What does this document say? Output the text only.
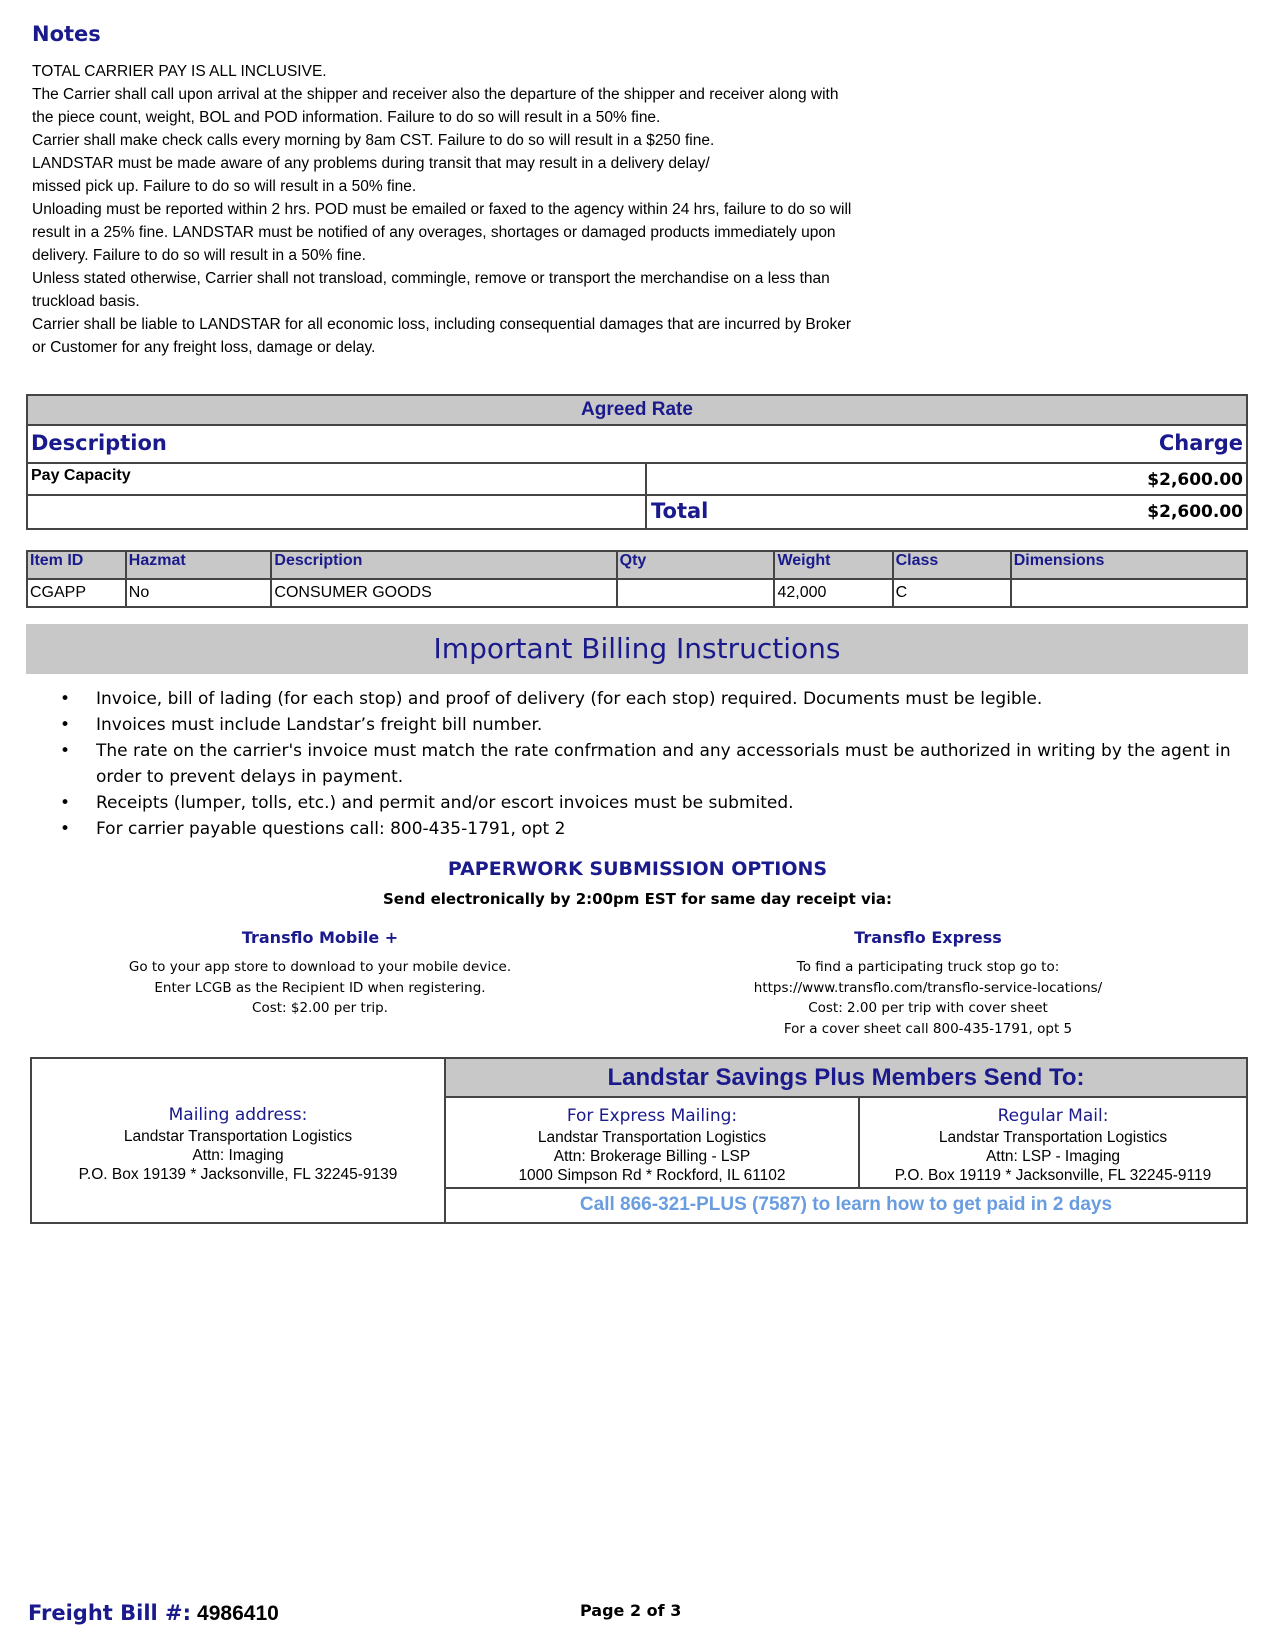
Notes
TOTAL CARRIER PAY IS ALL INCLUSIVE.
The Carrier shall call upon arrival at the shipper and receiver also the departure of the shipper and receiver along with
the piece count, weight, BOL and POD information. Failure to do so will result in a 50% fine.
Carrier shall make check calls every morning by 8am CST. Failure to do so will result in a $250 fine.
LANDSTAR must be made aware of any problems during transit that may result in a delivery delay/
missed pick up. Failure to do so will result in a 50% fine.
Unloading must be reported within 2 hrs. POD must be emailed or faxed to the agency within 24 hrs, failure to do so will
result in a 25% fine. LANDSTAR must be notified of any overages, shortages or damaged products immediately upon
delivery. Failure to do so will result in a 50% fine.
Unless stated otherwise, Carrier shall not transload, commingle, remove or transport the merchandise on a less than
truckload basis.
Carrier shall be liable to LANDSTAR for all economic loss, including consequential damages that are incurred by Broker
or Customer for any freight loss, damage or delay.
Agreed Rate
Description	Charge
Pay Capacity	$2,600.00
Total	$2,600.00
Item ID	Hazmat	Description	Qty	Weight	Class	Dimensions
CGAPP	No	CONSUMER GOODS		42,000	C	
Important Billing Instructions
• Invoice, bill of lading (for each stop) and proof of delivery (for each stop) required. Documents must be legible.
• Invoices must include Landstar’s freight bill number.
• The rate on the carrier's invoice must match the rate confrmation and any accessorials must be authorized in writing by the agent in order to prevent delays in payment.
• Receipts (lumper, tolls, etc.) and permit and/or escort invoices must be submited.
• For carrier payable questions call: 800-435-1791, opt 2
PAPERWORK SUBMISSION OPTIONS
Send electronically by 2:00pm EST for same day receipt via:
Transflo Mobile +
Go to your app store to download to your mobile device.
Enter LCGB as the Recipient ID when registering.
Cost: $2.00 per trip.
Transflo Express
To find a participating truck stop go to:
https://www.transflo.com/transflo-service-locations/
Cost: 2.00 per trip with cover sheet
For a cover sheet call 800-435-1791, opt 5
Mailing address:
Landstar Transportation Logistics
Attn: Imaging
P.O. Box 19139 * Jacksonville, FL 32245-9139
Landstar Savings Plus Members Send To:
For Express Mailing:
Landstar Transportation Logistics
Attn: Brokerage Billing - LSP
1000 Simpson Rd * Rockford, IL 61102
Regular Mail:
Landstar Transportation Logistics
Attn: LSP - Imaging
P.O. Box 19119 * Jacksonville, FL 32245-9119
Call 866-321-PLUS (7587) to learn how to get paid in 2 days
Freight Bill #: 4986410	Page 2 of 3
